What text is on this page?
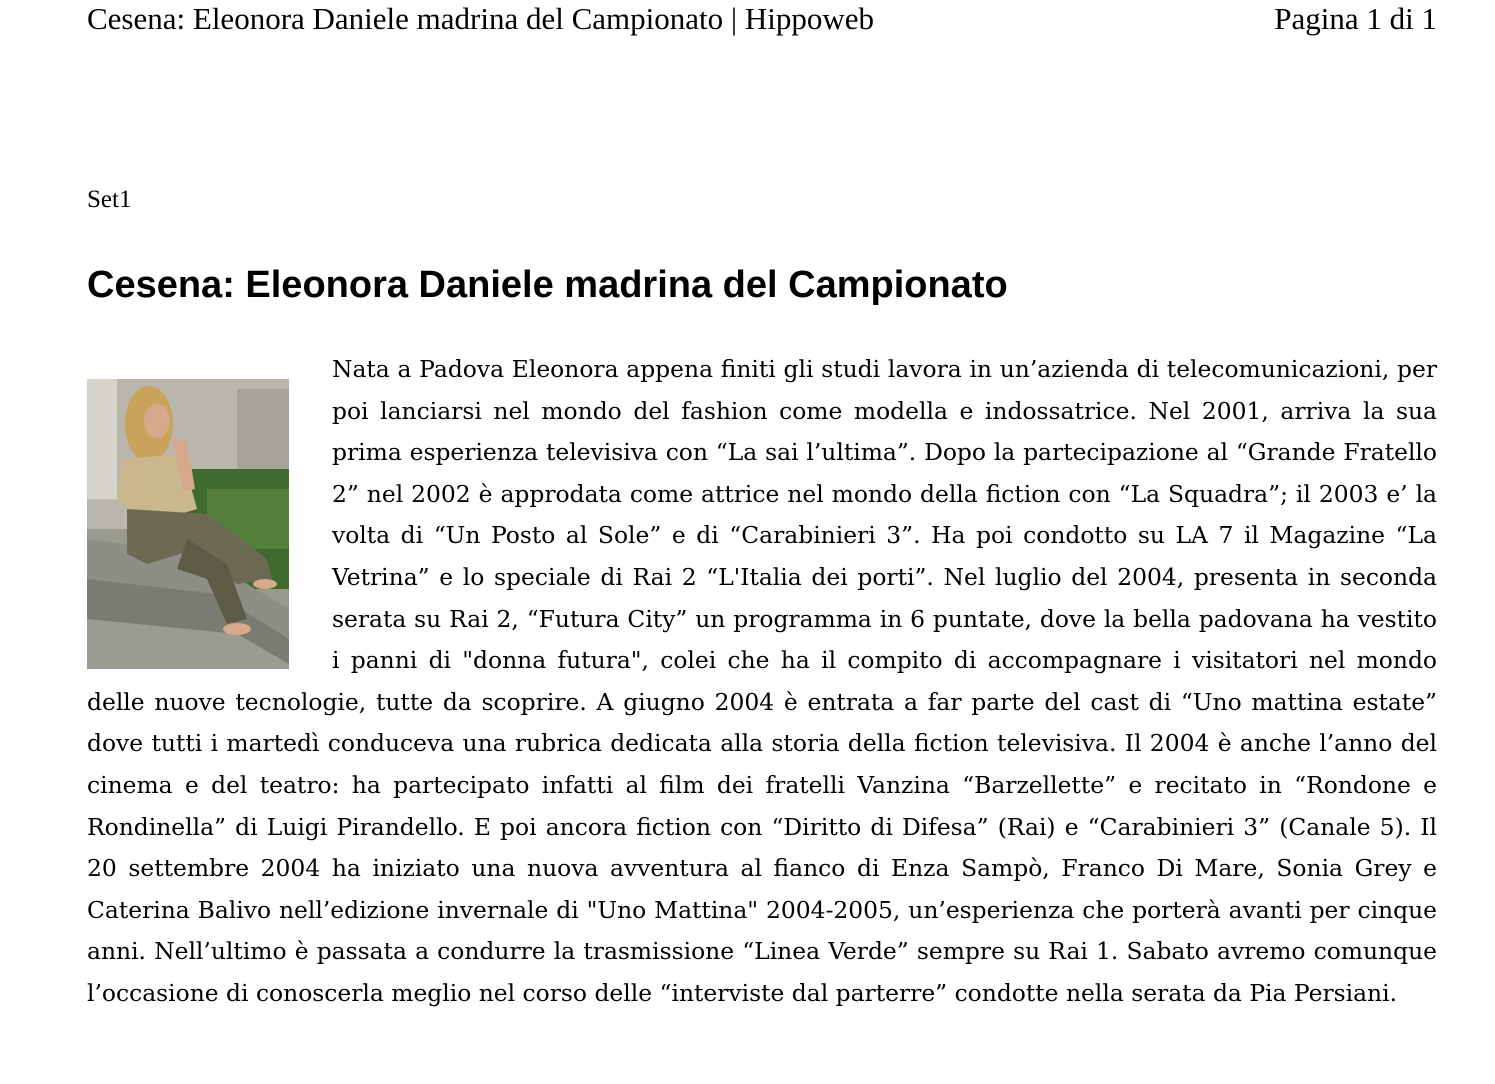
Cesena: Eleonora Daniele madrina del Campionato | Hippoweb	Pagina 1 di 1
Set1
Cesena: Eleonora Daniele madrina del Campionato

Nata a Padova Eleonora appena finiti gli studi lavora in un’azienda di telecomunicazioni, per poi lanciarsi nel mondo del fashion come modella e indossatrice. Nel 2001, arriva la sua prima esperienza televisiva con “La sai l’ultima”. Dopo la partecipazione al “Grande Fratello 2” nel 2002 è approdata come attrice nel mondo della fiction con “La Squadra”; il 2003 e’ la volta di “Un Posto al Sole” e di “Carabinieri 3”. Ha poi condotto su LA 7 il Magazine “La Vetrina” e lo speciale di Rai 2 “L'Italia dei porti”. Nel luglio del 2004, presenta in seconda serata su Rai 2, “Futura City” un programma in 6 puntate, dove la bella padovana ha vestito i panni di "donna futura", colei che ha il compito di accompagnare i visitatori nel mondo delle nuove tecnologie, tutte da scoprire. A giugno 2004 è entrata a far parte del cast di “Uno mattina estate” dove tutti i martedì conduceva una rubrica dedicata alla storia della fiction televisiva. Il 2004 è anche l’anno del cinema e del teatro: ha partecipato infatti al film dei fratelli Vanzina “Barzellette” e recitato in “Rondone e Rondinella” di Luigi Pirandello. E poi ancora fiction con “Diritto di Difesa” (Rai) e “Carabinieri 3” (Canale 5). Il 20 settembre 2004 ha iniziato una nuova avventura al fianco di Enza Sampò, Franco Di Mare, Sonia Grey e Caterina Balivo nell’edizione invernale di "Uno Mattina" 2004-2005, un’esperienza che porterà avanti per cinque anni. Nell’ultimo è passata a condurre la trasmissione “Linea Verde” sempre su Rai 1. Sabato avremo comunque l’occasione di conoscerla meglio nel corso delle “interviste dal parterre” condotte nella serata da Pia Persiani.
